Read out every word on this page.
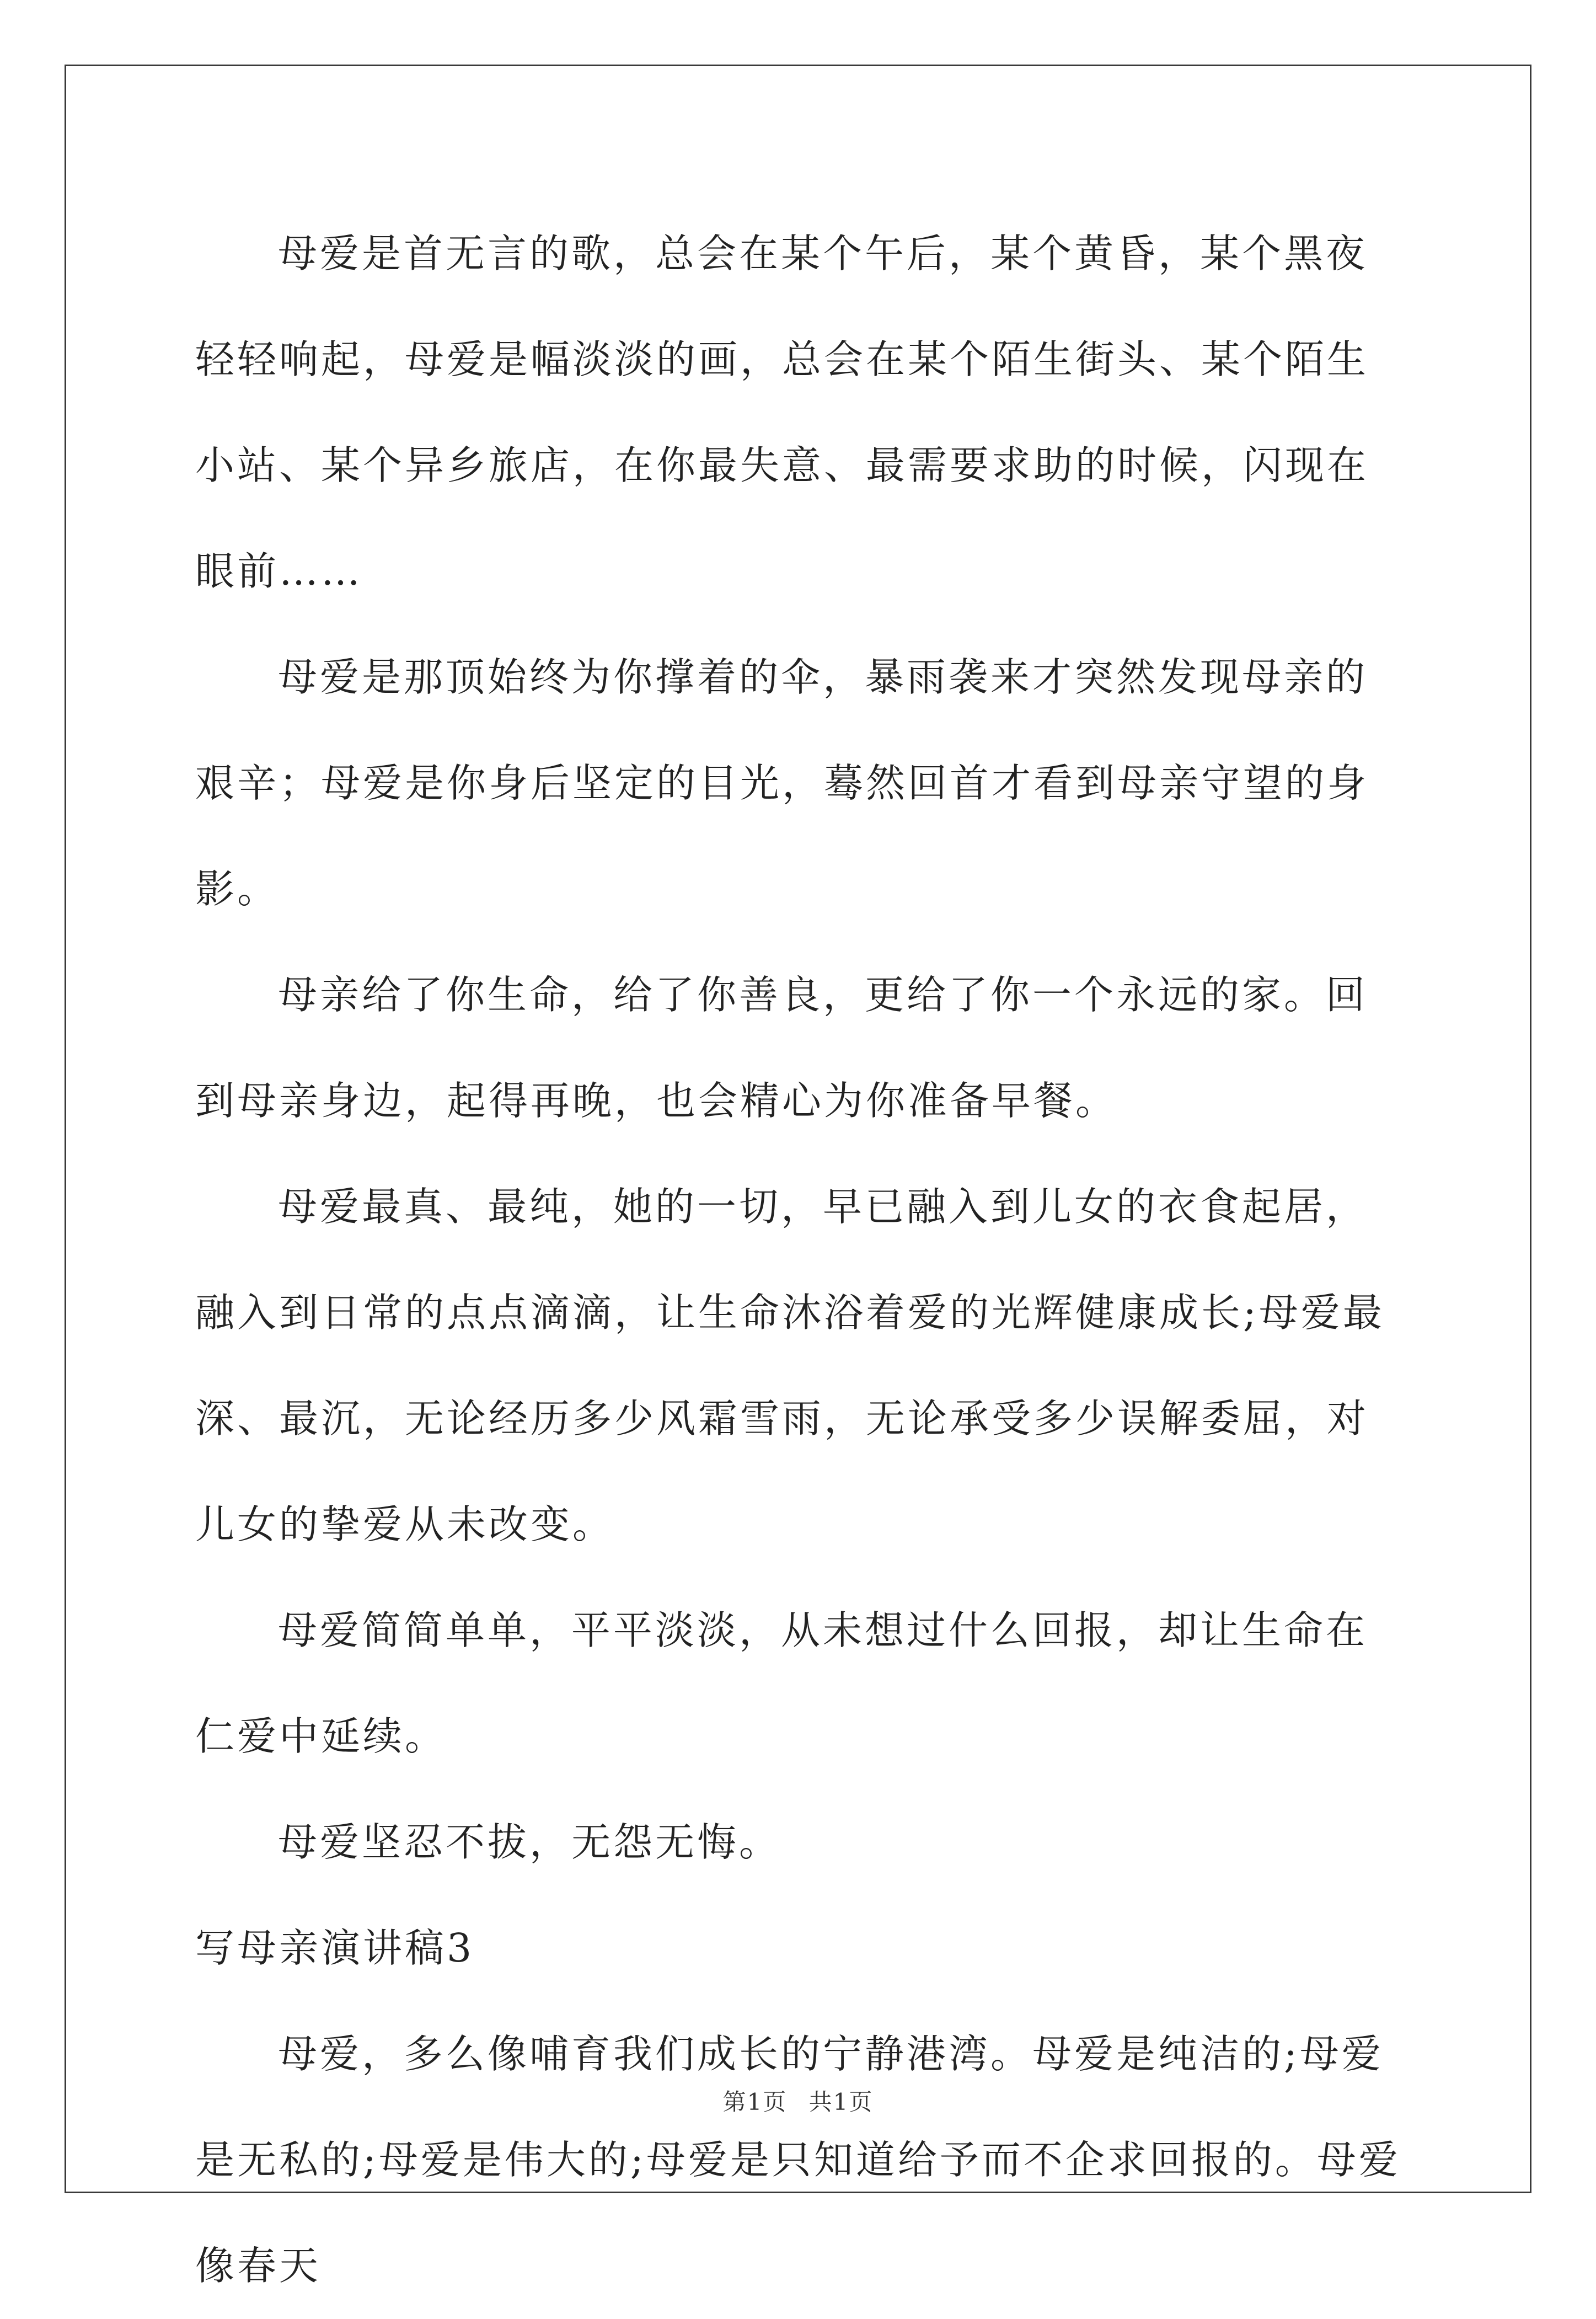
母爱是首无言的歌，总会在某个午后，某个黄昏，某个黑夜轻轻响起，母爱是幅淡淡的画，总会在某个陌生街头、某个陌生小站、某个异乡旅店，在你最失意、最需要求助的时候，闪现在眼前……

母爱是那顶始终为你撑着的伞，暴雨袭来才突然发现母亲的艰辛；母爱是你身后坚定的目光，蓦然回首才看到母亲守望的身影。

母亲给了你生命，给了你善良，更给了你一个永远的家。回到母亲身边，起得再晚，也会精心为你准备早餐。

母爱最真、最纯，她的一切，早已融入到儿女的衣食起居，融入到日常的点点滴滴，让生命沐浴着爱的光辉健康成长;母爱最深、最沉，无论经历多少风霜雪雨，无论承受多少误解委屈，对儿女的挚爱从未改变。

母爱简简单单，平平淡淡，从未想过什么回报，却让生命在仁爱中延续。

母爱坚忍不拔，无怨无悔。

写母亲演讲稿3

母爱，多么像哺育我们成长的宁静港湾。母爱是纯洁的;母爱是无私的;母爱是伟大的;母爱是只知道给予而不企求回报的。母爱像春天

第1页 共1页
